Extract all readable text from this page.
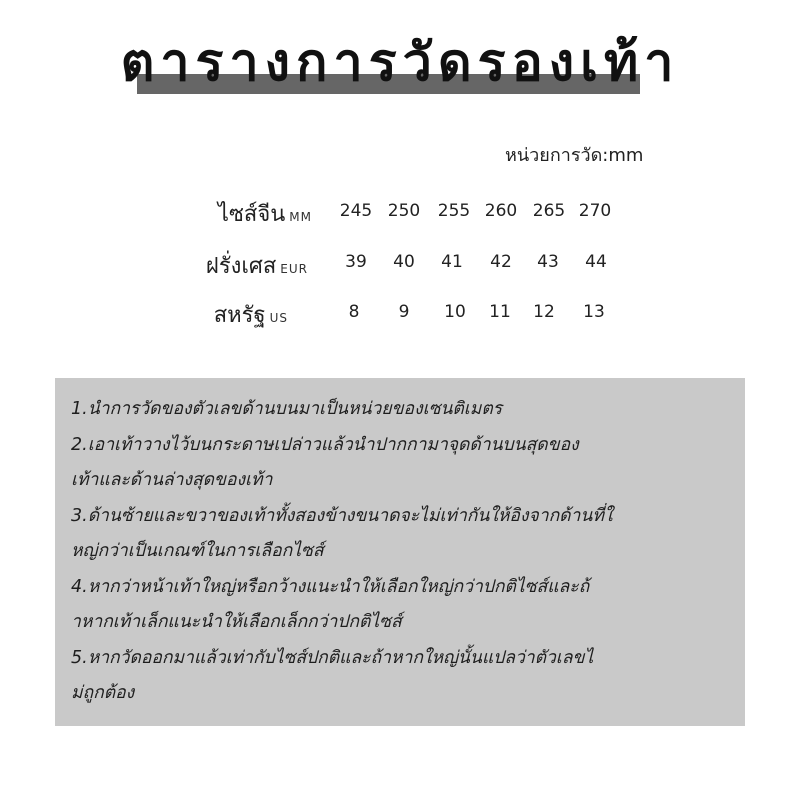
ตารางการวัดรองเท้า
หน่วยการวัด:mm
ไซส์จีน MM	245 250	255 260 265 270
ฝรั่งเศส EUR	39	40	41	42	43	44
สหรัฐ US	8	9	10	11	12	13
1.นำการวัดของตัวเลขด้านบนมาเป็นหน่วยของเซนติเมตร
2.เอาเท้าวางไว้บนกระดาษเปล่าวแล้วนำปากกามาจุดด้านบนสุดของ
เท้าและด้านล่างสุดของเท้า
3.ด้านซ้ายและขวาของเท้าทั้งสองข้างขนาดจะไม่เท่ากันให้อิงจากด้านที่ใ
หญ่กว่าเป็นเกณฑ์ในการเลือกไซส์
4.หากว่าหน้าเท้าใหญ่หรือกว้างแนะนำให้เลือกใหญ่กว่าปกติไซส์และถ้
าหากเท้าเล็กแนะนำให้เลือกเล็กกว่าปกติไซส์
5.หากวัดออกมาแล้วเท่ากับไซส์ปกติและถ้าหากใหญ่นั้นแปลว่าตัวเลขไ
ม่ถูกต้อง
